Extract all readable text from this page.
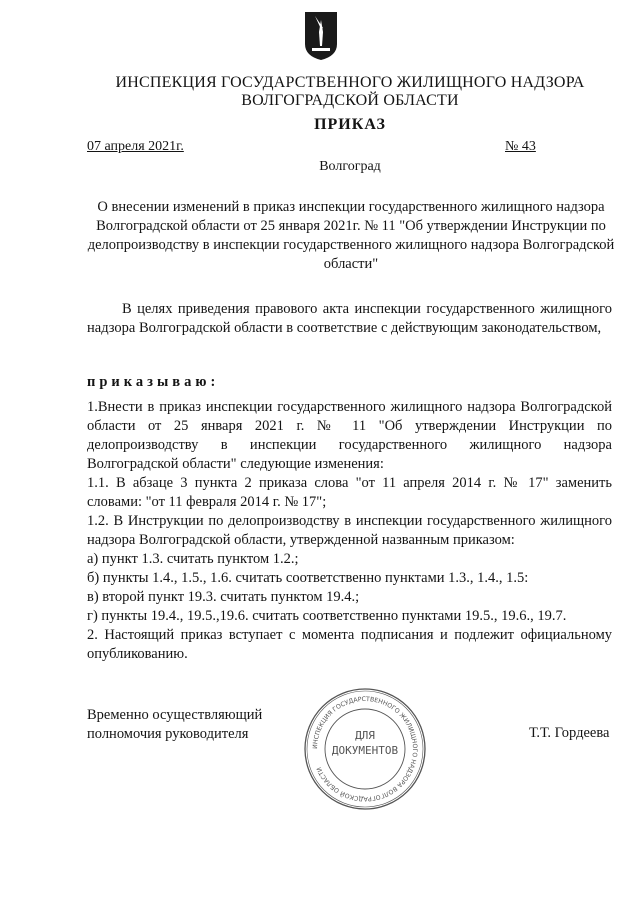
ИНСПЕКЦИЯ ГОСУДАРСТВЕННОГО ЖИЛИЩНОГО НАДЗОРА
ВОЛГОГРАДСКОЙ ОБЛАСТИ
ПРИКАЗ
07 апреля 2021г.	№ 43
Волгоград
О внесении изменений в приказ инспекции государственного жилищного надзора Волгоградской области от 25 января 2021г. № 11 "Об утверждении Инструкции по делопроизводству в инспекции государственного жилищного надзора Волгоградской области"
В целях приведения правового акта инспекции государственного жилищного надзора Волгоградской области в соответствие с действующим законодательством,
приказываю:
1.Внести в приказ инспекции государственного жилищного надзора Волгоградской области от 25 января 2021 г. № 11 "Об утверждении Инструкции по делопроизводству в инспекции государственного жилищного надзора Волгоградской области" следующие изменения:
1.1. В абзаце 3 пункта 2 приказа слова "от 11 апреля 2014 г. № 17" заменить словами: "от 11 февраля 2014 г. № 17";
1.2. В Инструкции по делопроизводству в инспекции государственного жилищного надзора Волгоградской области, утвержденной названным приказом:
а) пункт 1.3. считать пунктом 1.2.;
б) пункты 1.4., 1.5., 1.6. считать соответственно пунктами 1.3., 1.4., 1.5:
в) второй пункт 19.3. считать пунктом 19.4.;
г) пункты 19.4., 19.5.,19.6. считать соответственно пунктами 19.5., 19.6., 19.7.
2. Настоящий приказ вступает с момента подписания и подлежит официальному опубликованию.
Временно осуществляющий
полномочия руководителя
ИНСПЕКЦИЯ ГОСУДАРСТВЕННОГО ЖИЛИЩНОГО НАДЗОРА ВОЛГОГРАДСКОЙ ОБЛАСТИ
ДЛЯ
ДОКУМЕНТОВ
Т.Т. Гордеева
